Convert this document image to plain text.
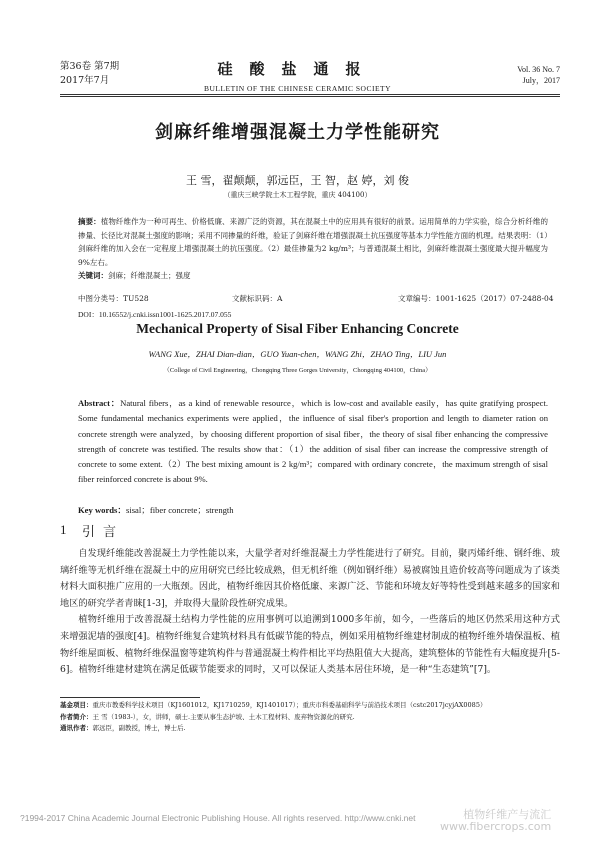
第36卷 第7期
2017年7月
硅酸盐通报
BULLETIN OF THE CHINESE CERAMIC SOCIETY
Vol. 36 No. 7
July，2017
剑麻纤维增强混凝土力学性能研究
王 雪，翟颠颠，郭远臣，王 智，赵 婷，刘 俊
（重庆三峡学院土木工程学院，重庆 404100）
摘要：植物纤维作为一种可再生、价格低廉、来源广泛的资源，其在混凝土中的应用具有很好的前景。运用简单的力学实验，综合分析纤维的掺量、长径比对混凝土强度的影响；采用不同掺量的纤维，验证了剑麻纤维在增强混凝土抗压强度等基本力学性能方面的机理。结果表明：（1）剑麻纤维的加入会在一定程度上增强混凝土的抗压强度。（2）最佳掺量为2 kg/m³；与普通混凝土相比，剑麻纤维混凝土强度最大提升幅度为9%左右。
关键词：剑麻；纤维混凝土；强度
中图分类号：TU528	文献标识码：A	文章编号：1001-1625（2017）07-2488-04
DOI：10.16552/j.cnki.issn1001-1625.2017.07.055
Mechanical Property of Sisal Fiber Enhancing Concrete
WANG Xue，ZHAI Dian-dian，GUO Yuan-chen，WANG Zhi，ZHAO Ting，LIU Jun
（College of Civil Engineering，Chongqing Three Gorges University，Chongqing 404100，China）
Abstract：Natural fibers，as a kind of renewable resource，which is low-cost and available easily，has quite gratifying prospect. Some fundamental mechanics experiments were applied，the influence of sisal fiber's proportion and length to diameter ration on concrete strength were analyzed，by choosing different proportion of sisal fiber，the theory of sisal fiber enhancing the compressive strength of concrete was testified. The results show that：（1）the addition of sisal fiber can increase the compressive strength of concrete to some extent.（2）The best mixing amount is 2 kg/m³；compared with ordinary concrete，the maximum strength of sisal fiber reinforced concrete is about 9%.
Key words：sisal；fiber concrete；strength
1 引言

自发现纤维能改善混凝土力学性能以来，大量学者对纤维混凝土力学性能进行了研究。目前，聚丙烯纤维、钢纤维、玻璃纤维等无机纤维在混凝土中的应用研究已经比较成熟，但无机纤维（例如钢纤维）易被腐蚀且造价较高等问题成为了该类材料大面积推广应用的一大瓶颈。因此，植物纤维因其价格低廉、来源广泛、节能和环境友好等特性受到越来越多的国家和地区的研究学者青睐[1-3]，并取得大量阶段性研究成果。

植物纤维用于改善混凝土结构力学性能的应用事例可以追溯到1000多年前，如今，一些落后的地区仍然采用这种方式来增强泥墙的强度[4]。植物纤维复合建筑材料具有低碳节能的特点，例如采用植物纤维建材制成的植物纤维外墙保温板、植物纤维屋面板、植物纤维保温窗等建筑构件与普通混凝土构件相比平均热阻值大大提高，建筑整体的节能性有大幅度提升[5-6]。植物纤维建材建筑在满足低碳节能要求的同时，又可以保证人类基本居住环境，是一种“生态建筑”[7]。

基金项目：重庆市教委科学技术项目（KJ1601012，KJ1710259，KJ1401017）；重庆市科委基础科学与前沿技术项目（cstc2017jcyjAX0085）
作者简介：王 雪（1983-），女，讲师，硕士.主要从事生态护坡、土木工程材料、废弃物资源化的研究.
通讯作者：郭远臣，副教授，博士，博士后.
?1994-2017 China Academic Journal Electronic Publishing House. All rights reserved. http://www.cnki.net	植物纤维产与流汇
www.fibercrops.com
